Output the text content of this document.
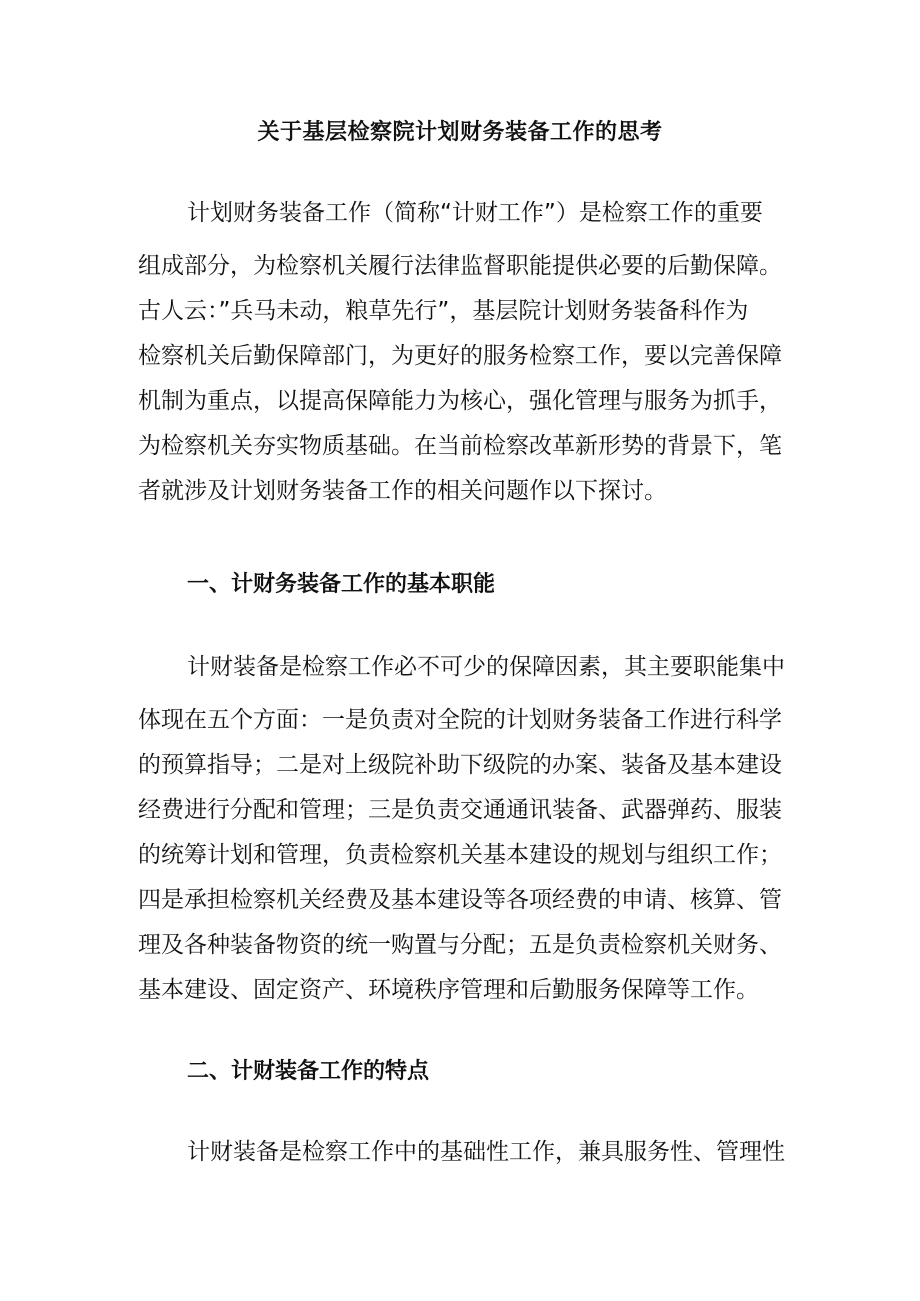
关于基层检察院计划财务装备工作的思考
计划财务装备工作（简称“计财工作”）是检察工作的重要
组成部分，为检察机关履行法律监督职能提供必要的后勤保障。
古人云：”兵马未动，粮草先行”，基层院计划财务装备科作为
检察机关后勤保障部门，为更好的服务检察工作，要以完善保障
机制为重点，以提高保障能力为核心，强化管理与服务为抓手，
为检察机关夯实物质基础。在当前检察改革新形势的背景下，笔
者就涉及计划财务装备工作的相关问题作以下探讨。
一、计财务装备工作的基本职能
计财装备是检察工作必不可少的保障因素，其主要职能集中
体现在五个方面：一是负责对全院的计划财务装备工作进行科学
的预算指导；二是对上级院补助下级院的办案、装备及基本建设
经费进行分配和管理；三是负责交通通讯装备、武器弹药、服装
的统筹计划和管理，负责检察机关基本建设的规划与组织工作；
四是承担检察机关经费及基本建设等各项经费的申请、核算、管
理及各种装备物资的统一购置与分配；五是负责检察机关财务、
基本建设、固定资产、环境秩序管理和后勤服务保障等工作。
二、计财装备工作的特点
计财装备是检察工作中的基础性工作，兼具服务性、管理性
